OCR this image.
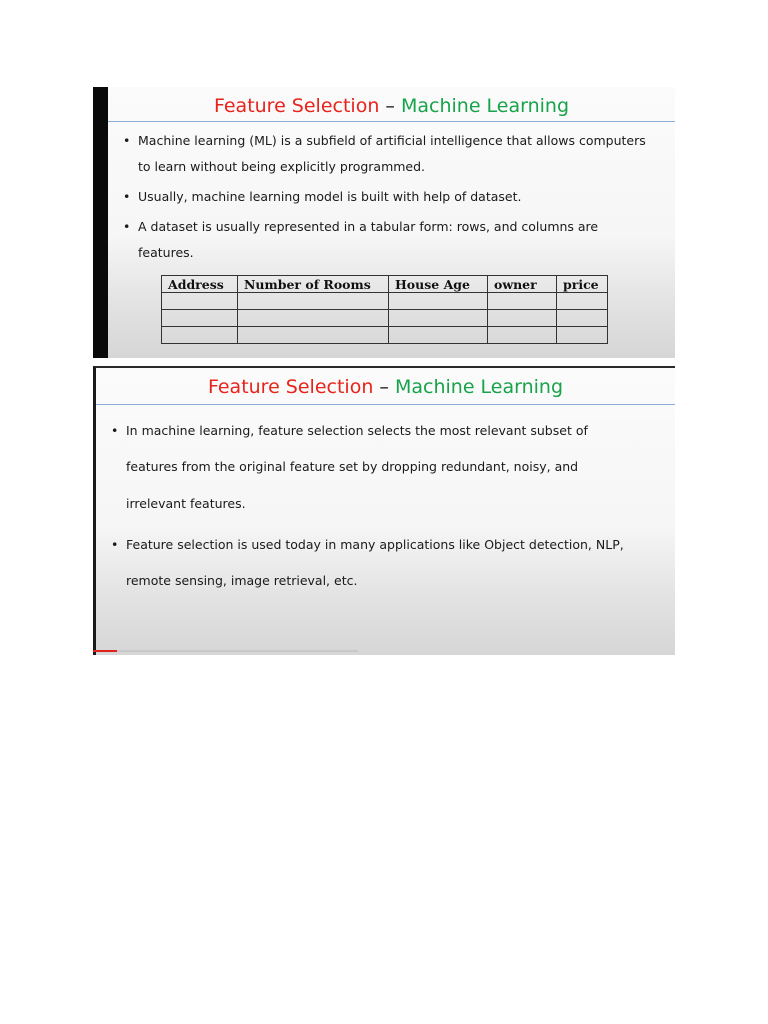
Feature Selection – Machine Learning
• Machine learning (ML) is a subfield of artificial intelligence that allows computers
to learn without being explicitly programmed.
• Usually, machine learning model is built with help of dataset.
• A dataset is usually represented in a tabular form: rows, and columns are
features.
Address	Number of Rooms	House Age	owner	price

Feature Selection – Machine Learning
• In machine learning, feature selection selects the most relevant subset of
features from the original feature set by dropping redundant, noisy, and
irrelevant features.
• Feature selection is used today in many applications like Object detection, NLP,
remote sensing, image retrieval, etc.
